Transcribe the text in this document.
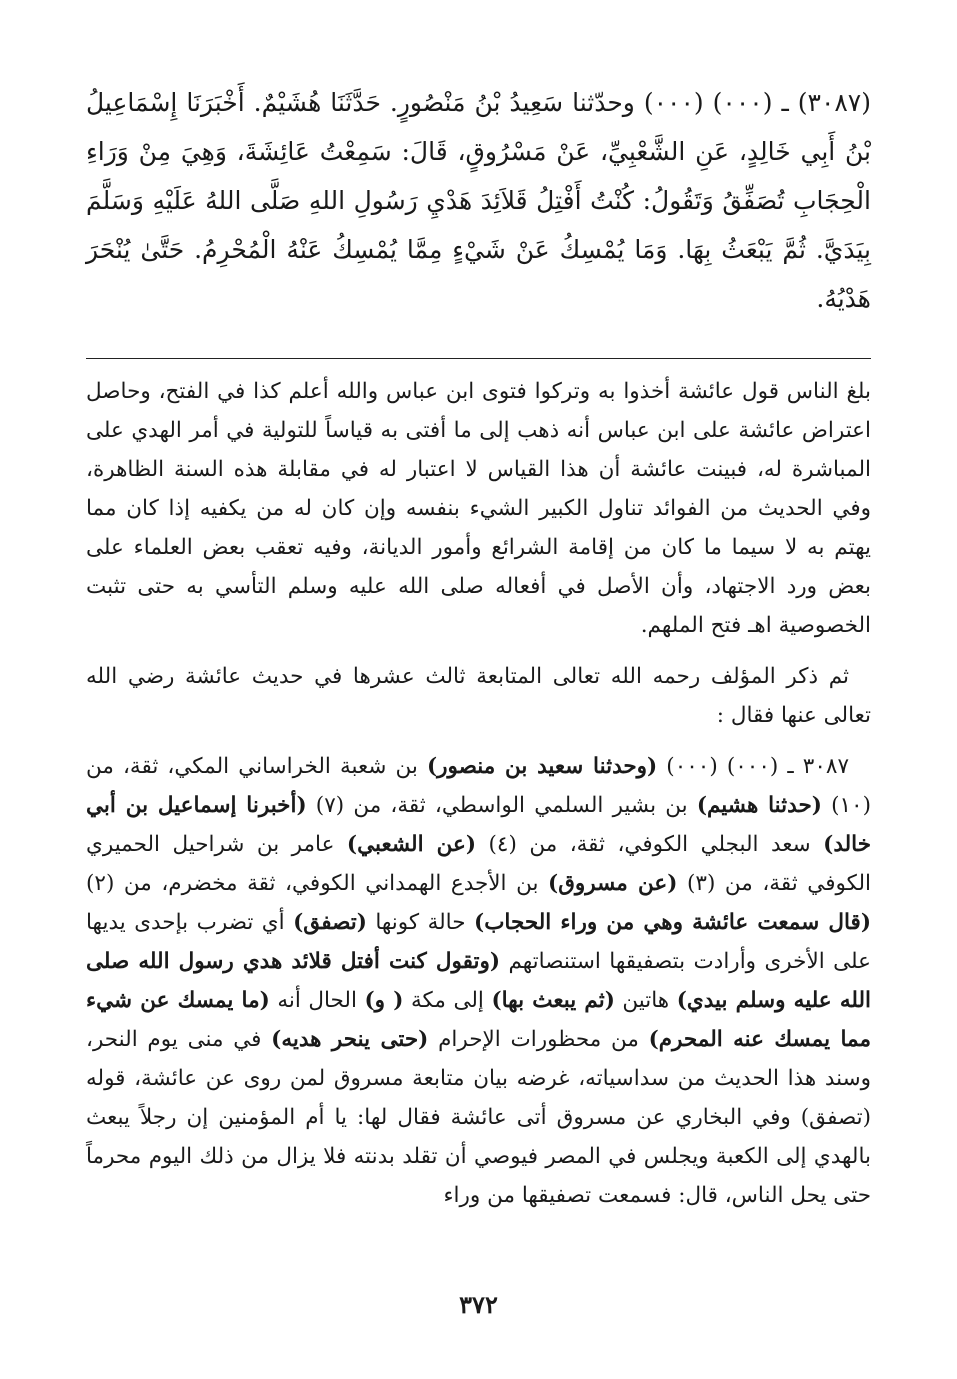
(٣٠٨٧) ـ (٠٠٠) (٠٠٠) وحدّثنا سَعِيدُ بْنُ مَنْصُورٍ. حَدَّثَنَا هُشَيْمٌ. أَخْبَرَنَا إِسْمَاعِيلُ بْنُ أَبِي خَالِدٍ، عَنِ الشَّعْبِيِّ، عَنْ مَسْرُوقٍ، قَالَ: سَمِعْتُ عَائِشَةَ، وَهِيَ مِنْ وَرَاءِ الْحِجَابِ تُصَفِّقُ وَتَقُولُ: كُنْتُ أَفْتِلُ قَلاَئِدَ هَدْيِ رَسُولِ اللهِ صَلَّى اللهُ عَلَيْهِ وَسَلَّمَ بِيَدَيَّ. ثُمَّ يَبْعَثُ بِهَا. وَمَا يُمْسِكُ عَنْ شَيْءٍ مِمَّا يُمْسِكُ عَنْهُ الْمُحْرِمُ. حَتَّىٰ يُنْحَرَ هَدْيُهُ.

بلغ الناس قول عائشة أخذوا به وتركوا فتوى ابن عباس والله أعلم كذا في الفتح، وحاصل اعتراض عائشة على ابن عباس أنه ذهب إلى ما أفتى به قياساً للتولية في أمر الهدي على المباشرة له، فبينت عائشة أن هذا القياس لا اعتبار له في مقابلة هذه السنة الظاهرة، وفي الحديث من الفوائد تناول الكبير الشيء بنفسه وإن كان له من يكفيه إذا كان مما يهتم به لا سيما ما كان من إقامة الشرائع وأمور الديانة، وفيه تعقب بعض العلماء على بعض ورد الاجتهاد، وأن الأصل في أفعاله صلى الله عليه وسلم التأسي به حتى تثبت الخصوصية اهـ فتح الملهم.

ثم ذكر المؤلف رحمه الله تعالى المتابعة ثالث عشرها في حديث عائشة رضي الله تعالى عنها فقال :

٣٠٨٧ ـ (٠٠٠) (٠٠٠) (وحدثنا سعيد بن منصور) بن شعبة الخراساني المكي، ثقة، من (١٠) (حدثنا هشيم) بن بشير السلمي الواسطي، ثقة، من (٧) (أخبرنا إسماعيل بن أبي خالد) سعد البجلي الكوفي، ثقة، من (٤) (عن الشعبي) عامر بن شراحيل الحميري الكوفي ثقة، من (٣) (عن مسروق) بن الأجدع الهمداني الكوفي، ثقة مخضرم، من (٢) (قال سمعت عائشة وهي من وراء الحجاب) حالة كونها (تصفق) أي تضرب بإحدى يديها على الأخرى وأرادت بتصفيقها استنصاتهم (وتقول كنت أفتل قلائد هدي رسول الله صلى الله عليه وسلم بيدي) هاتين (ثم يبعث بها) إلى مكة ( و) الحال أنه (ما يمسك عن شيء مما يمسك عنه المحرم) من محظورات الإحرام (حتى ينحر هديه) في منى يوم النحر، وسند هذا الحديث من سداسياته، غرضه بيان متابعة مسروق لمن روى عن عائشة، قوله (تصفق) وفي البخاري عن مسروق أتى عائشة فقال لها: يا أم المؤمنين إن رجلاً يبعث بالهدي إلى الكعبة ويجلس في المصر فيوصي أن تقلد بدنته فلا يزال من ذلك اليوم محرماً حتى يحل الناس، قال: فسمعت تصفيقها من وراء

٣٧٢
